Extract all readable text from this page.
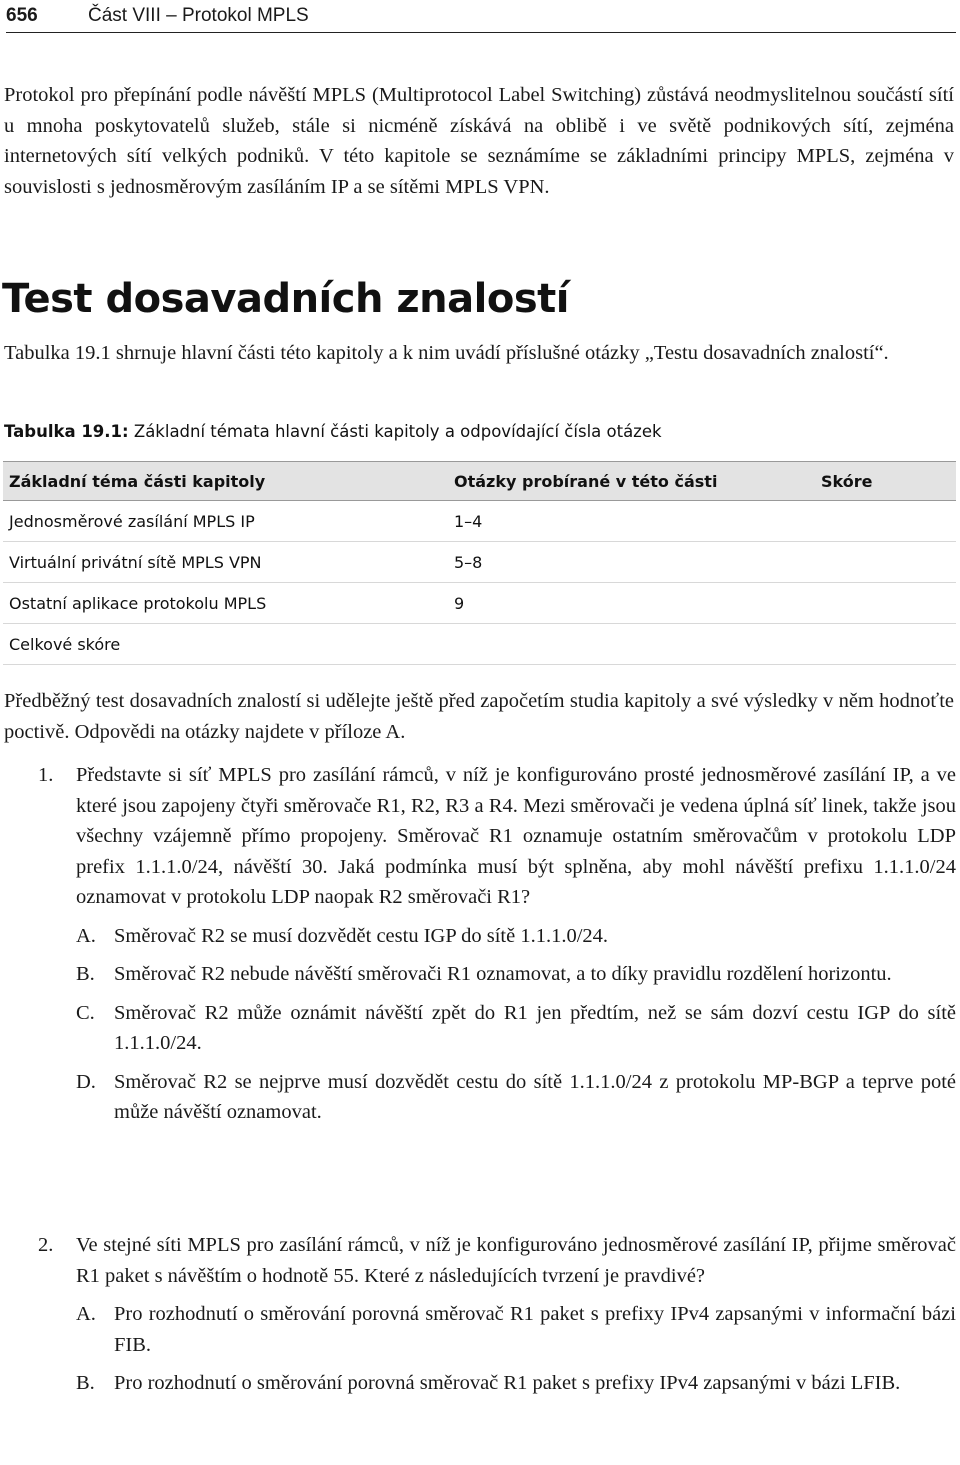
656	Část VIII – Protokol MPLS

Protokol pro přepínání podle návěští MPLS (Multiprotocol Label Switching) zůstává neodmyslitelnou součástí sítí u mnoha poskytovatelů služeb, stále si nicméně získává na oblibě i ve světě podnikových sítí, zejména internetových sítí velkých podniků. V této kapitole se seznámíme se základními principy MPLS, zejména v souvislosti s jednosměrovým zasíláním IP a se sítěmi MPLS VPN.

Test dosavadních znalostí

Tabulka 19.1 shrnuje hlavní části této kapitoly a k nim uvádí příslušné otázky „Testu dosavadních znalostí“.

Tabulka 19.1: Základní témata hlavní části kapitoly a odpovídající čísla otázek
Základní téma části kapitoly	Otázky probírané v této části	Skóre
Jednosměrové zasílání MPLS IP	1–4	
Virtuální privátní sítě MPLS VPN	5–8	
Ostatní aplikace protokolu MPLS	9	
Celkové skóre		

Předběžný test dosavadních znalostí si udělejte ještě před započetím studia kapitoly a své výsledky v něm hodnoťte poctivě. Odpovědi na otázky najdete v příloze A.

1. Představte si síť MPLS pro zasílání rámců, v níž je konfigurováno prosté jednosměrové zasílání IP, a ve které jsou zapojeny čtyři směrovače R1, R2, R3 a R4. Mezi směrovači je vedena úplná síť linek, takže jsou všechny vzájemně přímo propojeny. Směrovač R1 oznamuje ostatním směrovačům v protokolu LDP prefix 1.1.1.0/24, návěští 30. Jaká podmínka musí být splněna, aby mohl návěští prefixu 1.1.1.0/24 oznamovat v protokolu LDP naopak R2 směrovači R1?
A. Směrovač R2 se musí dozvědět cestu IGP do sítě 1.1.1.0/24.
B. Směrovač R2 nebude návěští směrovači R1 oznamovat, a to díky pravidlu rozdělení horizontu.
C. Směrovač R2 může oznámit návěští zpět do R1 jen předtím, než se sám dozví cestu IGP do sítě 1.1.1.0/24.
D. Směrovač R2 se nejprve musí dozvědět cestu do sítě 1.1.1.0/24 z protokolu MP-BGP a teprve poté může návěští oznamovat.
2. Ve stejné síti MPLS pro zasílání rámců, v níž je konfigurováno jednosměrové zasílání IP, přijme směrovač R1 paket s návěštím o hodnotě 55. Které z následujících tvrzení je pravdivé?
A. Pro rozhodnutí o směrování porovná směrovač R1 paket s prefixy IPv4 zapsanými v informační bázi FIB.
B. Pro rozhodnutí o směrování porovná směrovač R1 paket s prefixy IPv4 zapsanými v bázi LFIB.
